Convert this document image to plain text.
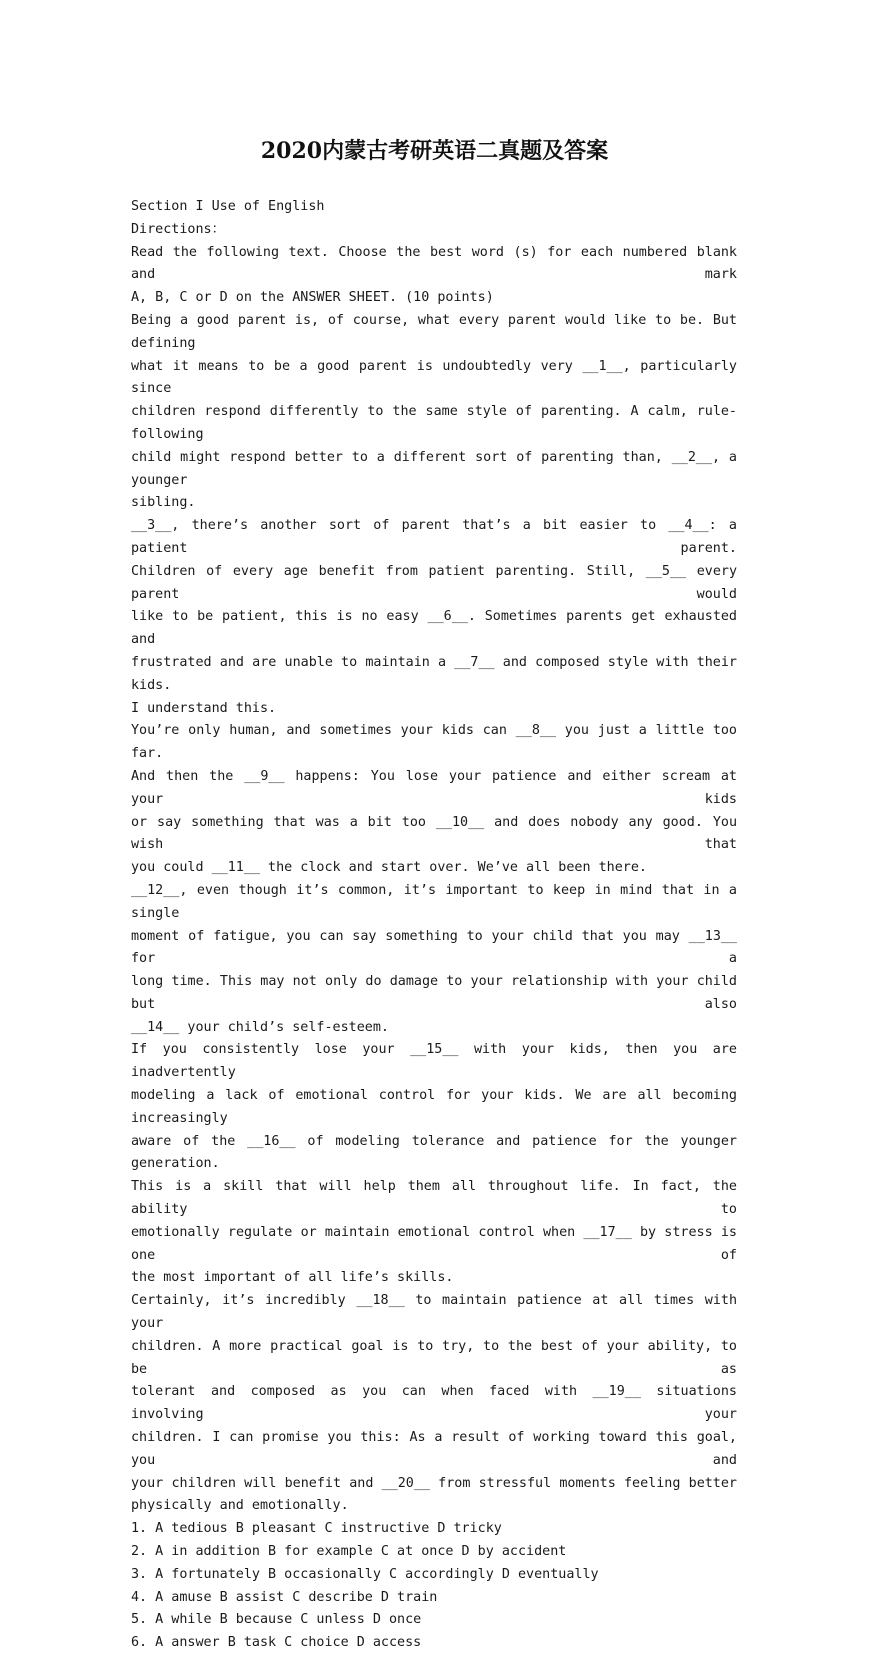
2020内蒙古考研英语二真题及答案
Section I Use of English
Directions：
Read the following text. Choose the best word (s) for each numbered blank and mark
A, B, C or D on the ANSWER SHEET. (10 points)
Being a good parent is, of course, what every parent would like to be. But defining
what it means to be a good parent is undoubtedly very __1__, particularly since
children respond differently to the same style of parenting. A calm, rule-following
child might respond better to a different sort of parenting than, __2__, a younger
sibling.
__3__, there’s another sort of parent that’s a bit easier to __4__: a patient parent.
Children of every age benefit from patient parenting. Still, __5__ every parent would
like to be patient, this is no easy __6__. Sometimes parents get exhausted and
frustrated and are unable to maintain a __7__ and composed style with their kids.
I understand this.
You’re only human, and sometimes your kids can __8__ you just a little too far.
And then the __9__ happens: You lose your patience and either scream at your kids
or say something that was a bit too __10__ and does nobody any good. You wish that
you could __11__ the clock and start over. We’ve all been there.
__12__, even though it’s common, it’s important to keep in mind that in a single
moment of fatigue, you can say something to your child that you may __13__ for a
long time. This may not only do damage to your relationship with your child but also
__14__ your child’s self-esteem.
If you consistently lose your __15__ with your kids, then you are inadvertently
modeling a lack of emotional control for your kids. We are all becoming increasingly
aware of the __16__ of modeling tolerance and patience for the younger generation.
This is a skill that will help them all throughout life. In fact, the ability to
emotionally regulate or maintain emotional control when __17__ by stress is one of
the most important of all life’s skills.
Certainly, it’s incredibly __18__ to maintain patience at all times with your
children. A more practical goal is to try, to the best of your ability, to be as
tolerant and composed as you can when faced with __19__ situations involving your
children. I can promise you this: As a result of working toward this goal, you and
your children will benefit and __20__ from stressful moments feeling better
physically and emotionally.
1. A tedious B pleasant C instructive D tricky
2. A in addition B for example C at once D by accident
3. A fortunately B occasionally C accordingly D eventually
4. A amuse B assist C describe D train
5. A while B because C unless D once
6. A answer B task C choice D access
